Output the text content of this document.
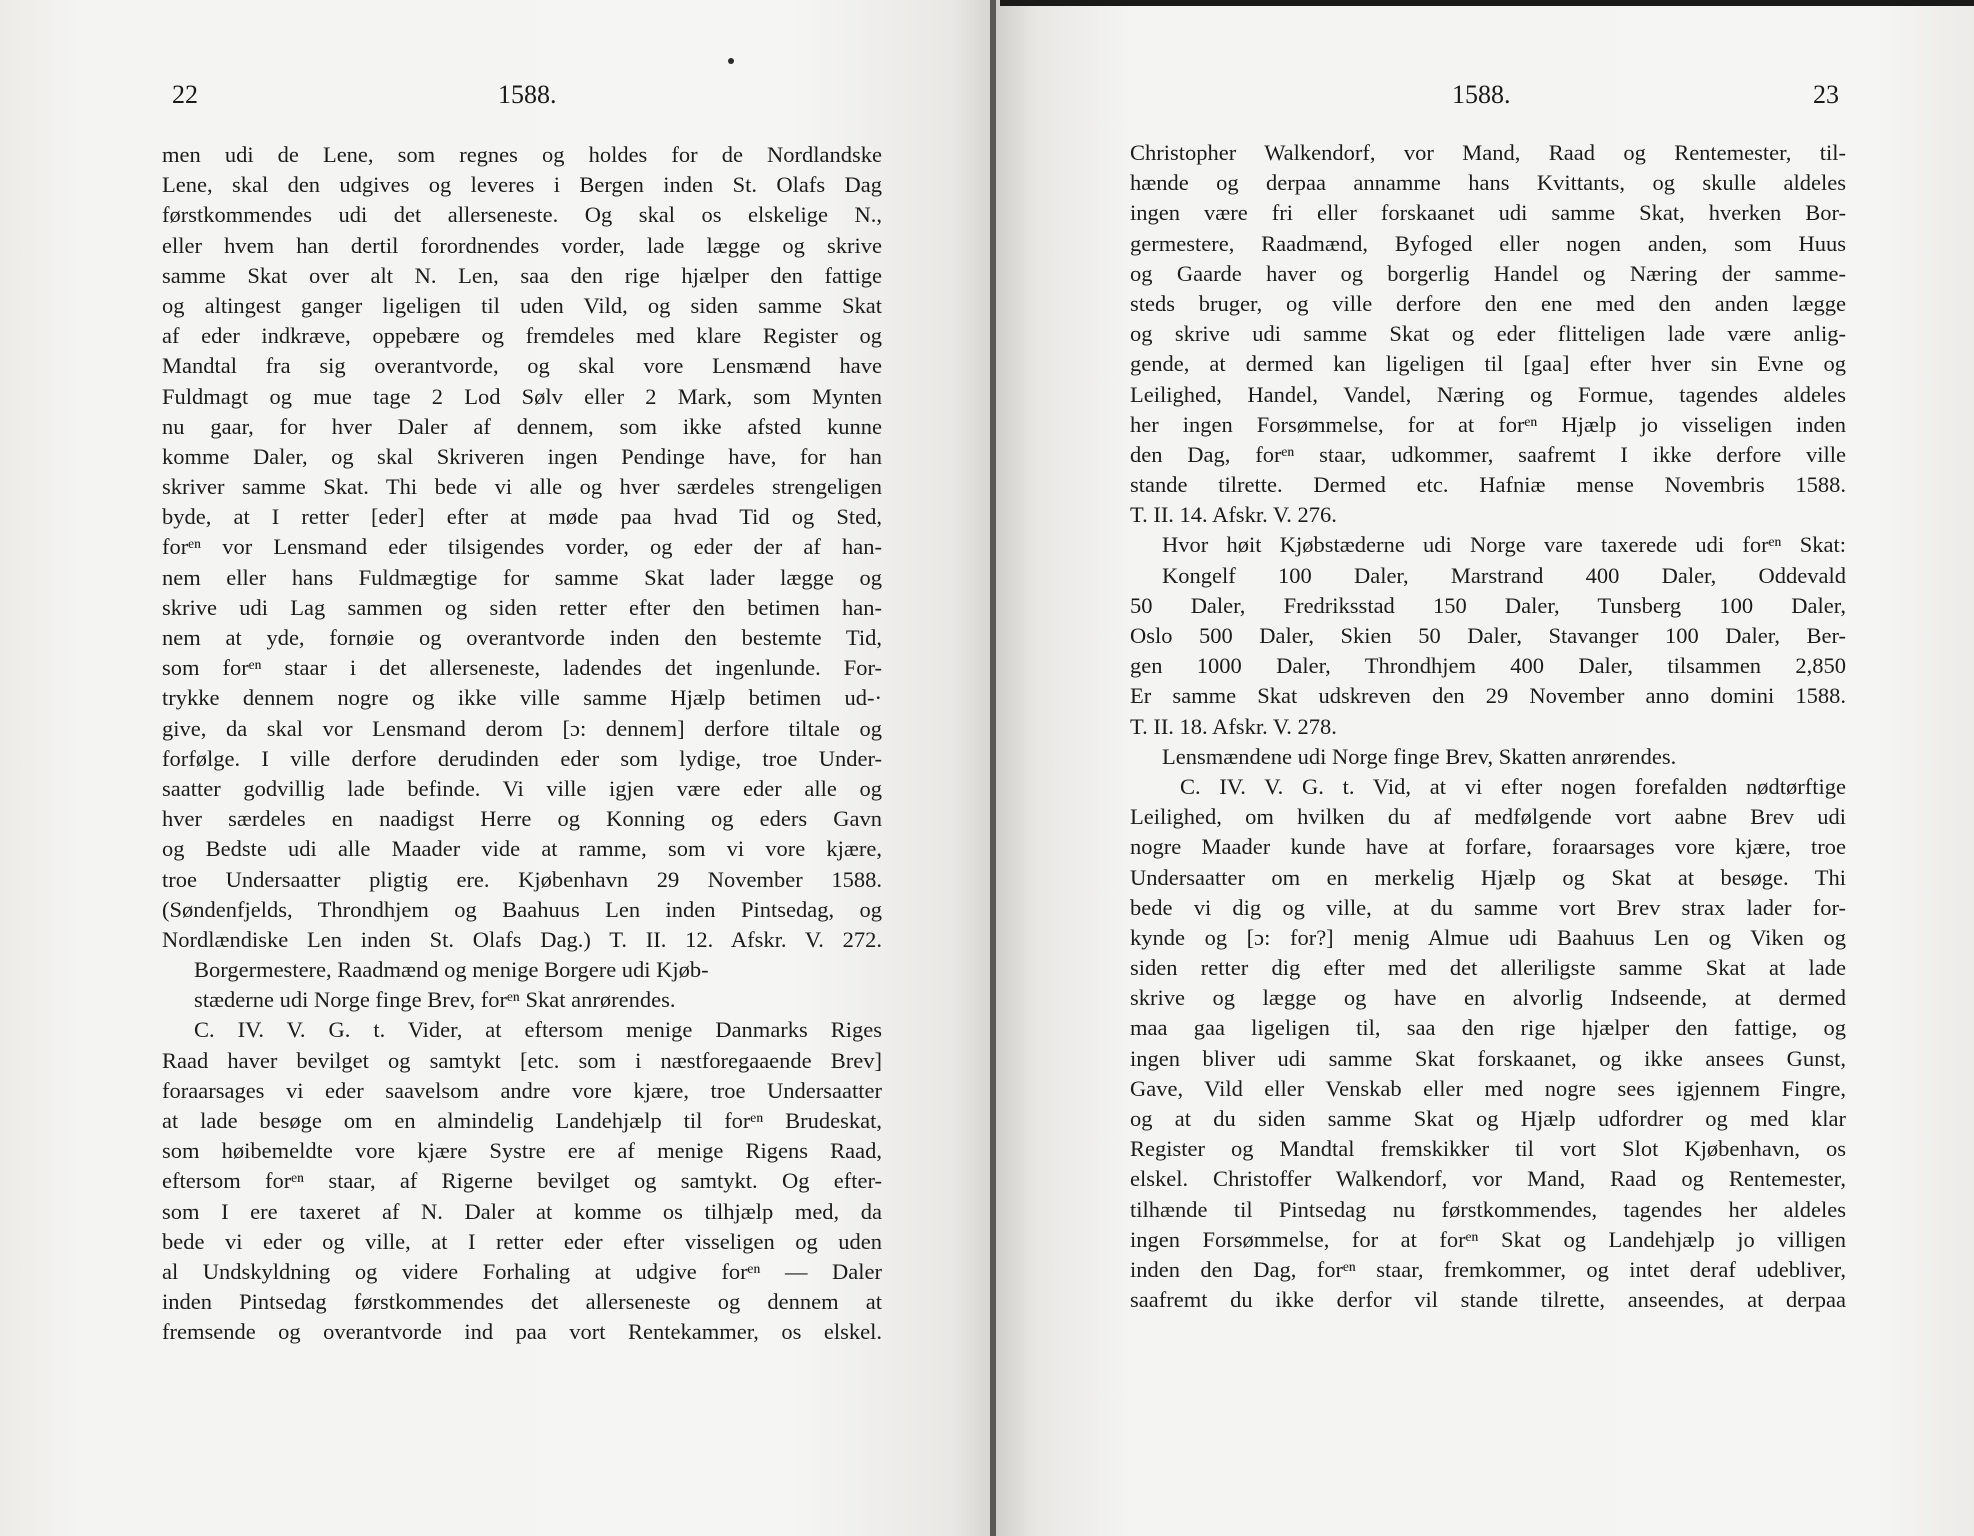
22	1588.
men udi de Lene, som regnes og holdes for de Nordlandske
Lene, skal den udgives og leveres i Bergen inden St. Olafs Dag
førstkommendes udi det allerseneste. Og skal os elskelige N.,
eller hvem han dertil forordnendes vorder, lade lægge og skrive
samme Skat over alt N. Len, saa den rige hjælper den fattige
og altingest ganger ligeligen til uden Vild, og siden samme Skat
af eder indkræve, oppebære og fremdeles med klare Register og
Mandtal fra sig overantvorde, og skal vore Lensmænd have
Fuldmagt og mue tage 2 Lod Sølv eller 2 Mark, som Mynten
nu gaar, for hver Daler af dennem, som ikke afsted kunne
komme Daler, og skal Skriveren ingen Pendinge have, for han
skriver samme Skat. Thi bede vi alle og hver særdeles strengeligen
byde, at I retter [eder] efter at møde paa hvad Tid og Sted,
forᵉⁿ vor Lensmand eder tilsigendes vorder, og eder der af han-
nem eller hans Fuldmægtige for samme Skat lader lægge og
skrive udi Lag sammen og siden retter efter den betimen han-
nem at yde, fornøie og overantvorde inden den bestemte Tid,
som forᵉⁿ staar i det allerseneste, ladendes det ingenlunde. For-
trykke dennem nogre og ikke ville samme Hjælp betimen ud-·
give, da skal vor Lensmand derom [ɔ: dennem] derfore tiltale og
forfølge. I ville derfore derudinden eder som lydige, troe Under-
saatter godvillig lade befinde. Vi ville igjen være eder alle og
hver særdeles en naadigst Herre og Konning og eders Gavn
og Bedste udi alle Maader vide at ramme, som vi vore kjære,
troe Undersaatter pligtig ere. Kjøbenhavn 29 November 1588.
(Søndenfjelds, Throndhjem og Baahuus Len inden Pintsedag, og
Nordlændiske Len inden St. Olafs Dag.) T. II. 12. Afskr. V. 272.
Borgermestere, Raadmænd og menige Borgere udi Kjøb-
stæderne udi Norge finge Brev, forᵉⁿ Skat anrørendes.
C. IV. V. G. t. Vider, at eftersom menige Danmarks Riges
Raad haver bevilget og samtykt [etc. som i næstforegaaende Brev]
foraarsages vi eder saavelsom andre vore kjære, troe Undersaatter
at lade besøge om en almindelig Landehjælp til forᵉⁿ Brudeskat,
som høibemeldte vore kjære Systre ere af menige Rigens Raad,
eftersom forᵉⁿ staar, af Rigerne bevilget og samtykt. Og efter-
som I ere taxeret af N. Daler at komme os tilhjælp med, da
bede vi eder og ville, at I retter eder efter visseligen og uden
al Undskyldning og videre Forhaling at udgive forᵉⁿ — Daler
inden Pintsedag førstkommendes det allerseneste og dennem at
fremsende og overantvorde ind paa vort Rentekammer, os elskel.
1588.	23
Christopher Walkendorf, vor Mand, Raad og Rentemester, til-
hænde og derpaa annamme hans Kvittants, og skulle aldeles
ingen være fri eller forskaanet udi samme Skat, hverken Bor-
germestere, Raadmænd, Byfoged eller nogen anden, som Huus
og Gaarde haver og borgerlig Handel og Næring der samme-
steds bruger, og ville derfore den ene med den anden lægge
og skrive udi samme Skat og eder flitteligen lade være anlig-
gende, at dermed kan ligeligen til [gaa] efter hver sin Evne og
Leilighed, Handel, Vandel, Næring og Formue, tagendes aldeles
her ingen Forsømmelse, for at forᵉⁿ Hjælp jo visseligen inden
den Dag, forᵉⁿ staar, udkommer, saafremt I ikke derfore ville
stande tilrette. Dermed etc. Hafniæ mense Novembris 1588.
T. II. 14. Afskr. V. 276.
Hvor høit Kjøbstæderne udi Norge vare taxerede udi forᵉⁿ Skat:
Kongelf 100 Daler, Marstrand 400 Daler, Oddevald
50 Daler, Fredriksstad 150 Daler, Tunsberg 100 Daler,
Oslo 500 Daler, Skien 50 Daler, Stavanger 100 Daler, Ber-
gen 1000 Daler, Throndhjem 400 Daler, tilsammen 2,850
Er samme Skat udskreven den 29 November anno domini 1588.
T. II. 18. Afskr. V. 278.
Lensmændene udi Norge finge Brev, Skatten anrørendes.
C. IV. V. G. t. Vid, at vi efter nogen forefalden nødtørftige
Leilighed, om hvilken du af medfølgende vort aabne Brev udi
nogre Maader kunde have at forfare, foraarsages vore kjære, troe
Undersaatter om en merkelig Hjælp og Skat at besøge. Thi
bede vi dig og ville, at du samme vort Brev strax lader for-
kynde og [ɔ: for?] menig Almue udi Baahuus Len og Viken og
siden retter dig efter med det alleriligste samme Skat at lade
skrive og lægge og have en alvorlig Indseende, at dermed
maa gaa ligeligen til, saa den rige hjælper den fattige, og
ingen bliver udi samme Skat forskaanet, og ikke ansees Gunst,
Gave, Vild eller Venskab eller med nogre sees igjennem Fingre,
og at du siden samme Skat og Hjælp udfordrer og med klar
Register og Mandtal fremskikker til vort Slot Kjøbenhavn, os
elskel. Christoffer Walkendorf, vor Mand, Raad og Rentemester,
tilhænde til Pintsedag nu førstkommendes, tagendes her aldeles
ingen Forsømmelse, for at forᵉⁿ Skat og Landehjælp jo villigen
inden den Dag, forᵉⁿ staar, fremkommer, og intet deraf udebliver,
saafremt du ikke derfor vil stande tilrette, anseendes, at derpaa
